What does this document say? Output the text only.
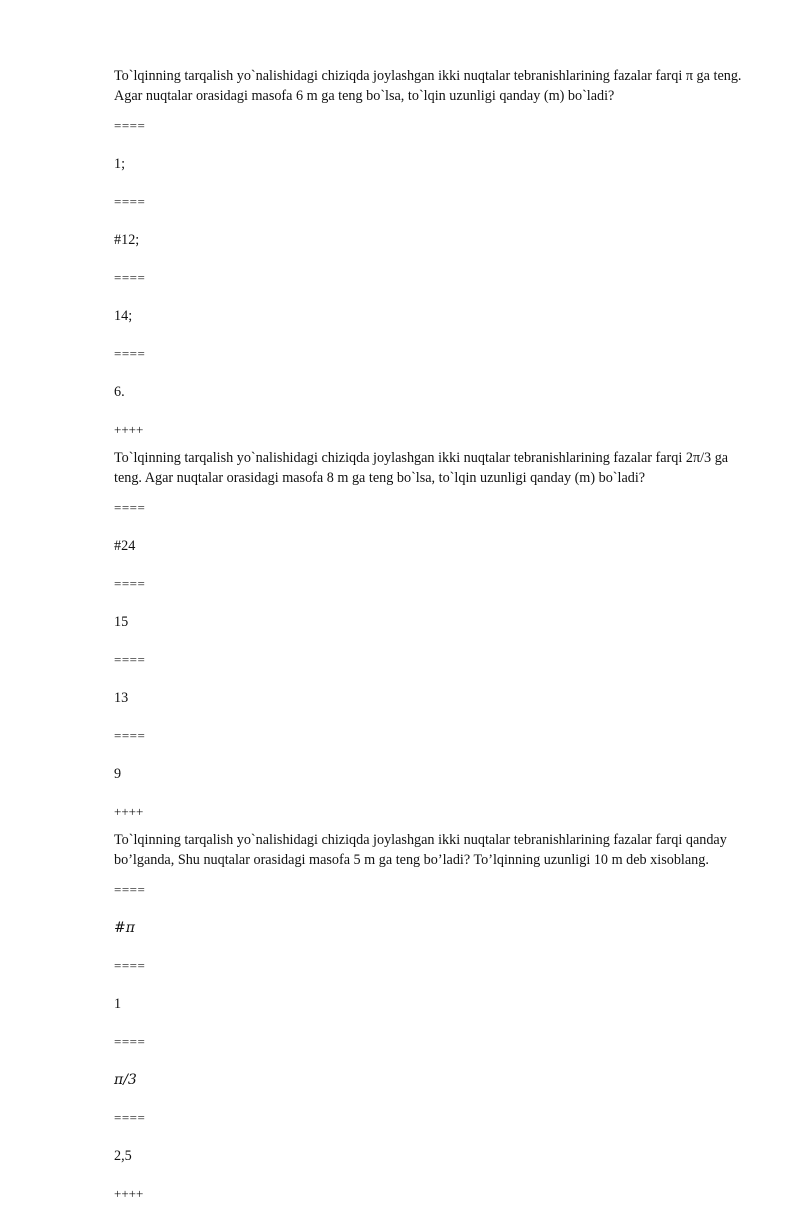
To`lqinning tarqalish yo`nalishidagi chiziqda joylashgan ikki nuqtalar tebranishlarining fazalar farqi π ga teng. Agar nuqtalar orasidagi masofa 6 m ga teng bo`lsa, to`lqin uzunligi qanday (m) bo`ladi?
====
1;
====
#12;
====
14;
====
6.
++++
To`lqinning tarqalish yo`nalishidagi chiziqda joylashgan ikki nuqtalar tebranishlarining fazalar farqi 2π/3 ga teng. Agar nuqtalar orasidagi masofa 8 m ga teng bo`lsa, to`lqin uzunligi qanday (m) bo`ladi?
====
#24
====
15
====
13
====
9
++++
To`lqinning tarqalish yo`nalishidagi chiziqda joylashgan ikki nuqtalar tebranishlarining fazalar farqi qanday bo’lganda, Shu nuqtalar orasidagi masofa 5 m ga teng bo’ladi? To’lqinning uzunligi 10 m deb xisoblang.
====
#π
====
1
====
π/3
====
2,5
++++
